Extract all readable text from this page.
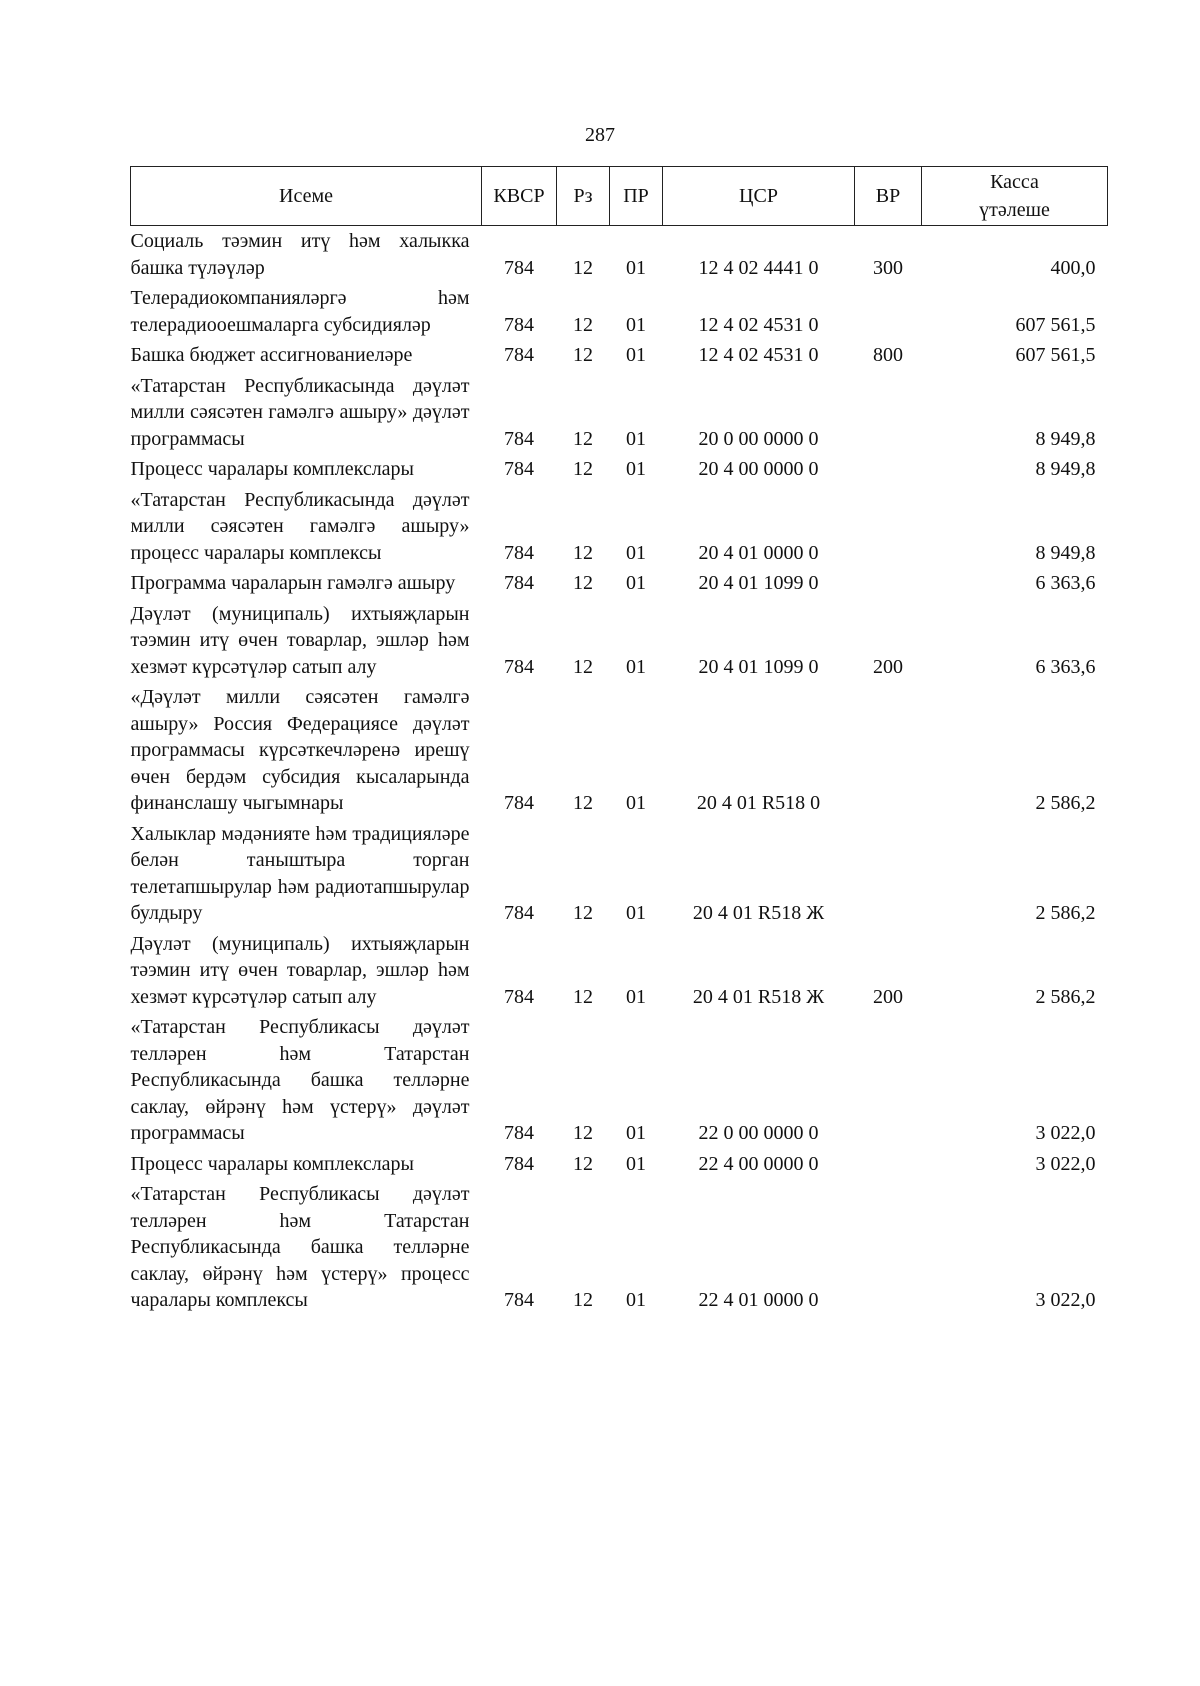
287
Исеме	КВСР	Рз	ПР	ЦСР	ВР	Касса
үтәлеше

Социаль тәэмин итү һәм халыкка башка түләүләр	784	12	01	12 4 02 4441 0	300	400,0
Телерадиокомпанияләргә һәм телерадиооешмаларга субсидияләр	784	12	01	12 4 02 4531 0		607 561,5
Башка бюджет ассигнованиеләре	784	12	01	12 4 02 4531 0	800	607 561,5
«Татарстан Республикасында дәүләт милли сәясәтен гамәлгә ашыру» дәүләт программасы	784	12	01	20 0 00 0000 0		8 949,8
Процесс чаралары комплекслары	784	12	01	20 4 00 0000 0		8 949,8
«Татарстан Республикасында дәүләт милли сәясәтен гамәлгә ашыру» процесс чаралары комплексы	784	12	01	20 4 01 0000 0		8 949,8
Программа чараларын гамәлгә ашыру	784	12	01	20 4 01 1099 0		6 363,6
Дәүләт (муниципаль) ихтыяҗларын тәэмин итү өчен товарлар, эшләр һәм хезмәт күрсәтүләр сатып алу	784	12	01	20 4 01 1099 0	200	6 363,6
«Дәүләт милли сәясәтен гамәлгә ашыру» Россия Федерациясе дәүләт программасы күрсәткечләренә ирешү өчен бердәм субсидия кысаларында финанслашу чыгымнары	784	12	01	20 4 01 R518 0		2 586,2
Халыклар мәдәнияте һәм традицияләре белән таныштыра торган телетапшырулар һәм радиотапшырулар булдыру	784	12	01	20 4 01 R518 Ж		2 586,2
Дәүләт (муниципаль) ихтыяҗларын тәэмин итү өчен товарлар, эшләр һәм хезмәт күрсәтүләр сатып алу	784	12	01	20 4 01 R518 Ж	200	2 586,2
«Татарстан Республикасы дәүләт телләрен һәм Татарстан Республикасында башка телләрне саклау, өйрәнү һәм үстерү» дәүләт программасы	784	12	01	22 0 00 0000 0		3 022,0
Процесс чаралары комплекслары	784	12	01	22 4 00 0000 0		3 022,0
«Татарстан Республикасы дәүләт телләрен һәм Татарстан Республикасында башка телләрне саклау, өйрәнү һәм үстерү» процесс чаралары комплексы	784	12	01	22 4 01 0000 0		3 022,0
